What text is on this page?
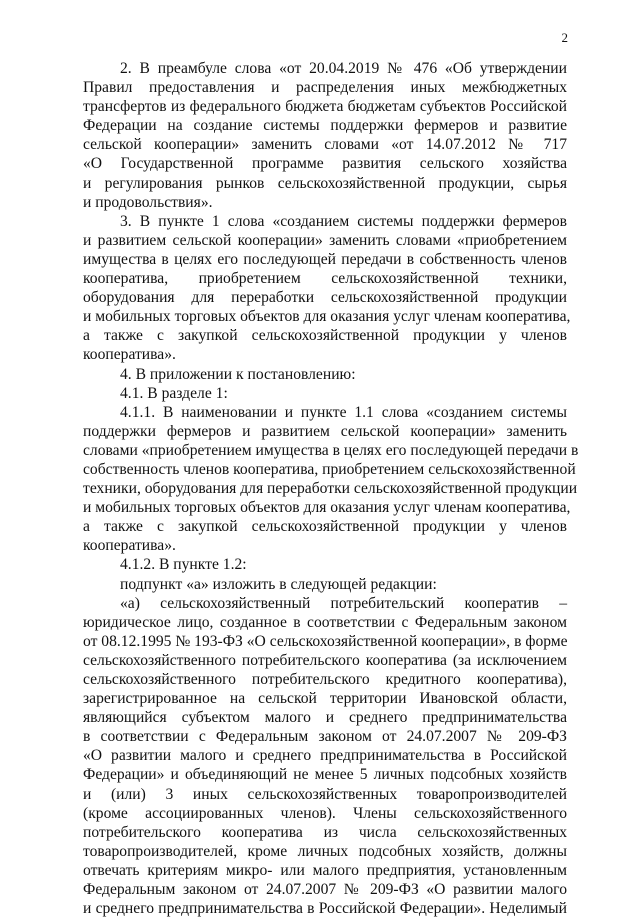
2
2. В преамбуле слова «от 20.04.2019 № 476 «Об утверждении
Правил предоставления и распределения иных межбюджетных
трансфертов из федерального бюджета бюджетам субъектов Российской
Федерации на создание системы поддержки фермеров и развитие
сельской кооперации» заменить словами «от 14.07.2012 № 717
«О Государственной программе развития сельского хозяйства
и регулирования рынков сельскохозяйственной продукции, сырья
и продовольствия».
3. В пункте 1 слова «созданием системы поддержки фермеров
и развитием сельской кооперации» заменить словами «приобретением
имущества в целях его последующей передачи в собственность членов
кооператива, приобретением сельскохозяйственной техники,
оборудования для переработки сельскохозяйственной продукции
и мобильных торговых объектов для оказания услуг членам кооператива,
а также с закупкой сельскохозяйственной продукции у членов
кооператива».
4. В приложении к постановлению:
4.1. В разделе 1:
4.1.1. В наименовании и пункте 1.1 слова «созданием системы
поддержки фермеров и развитием сельской кооперации» заменить
словами «приобретением имущества в целях его последующей передачи в
собственность членов кооператива, приобретением сельскохозяйственной
техники, оборудования для переработки сельскохозяйственной продукции
и мобильных торговых объектов для оказания услуг членам кооператива,
а также с закупкой сельскохозяйственной продукции у членов
кооператива».
4.1.2. В пункте 1.2:
подпункт «а» изложить в следующей редакции:
«а) сельскохозяйственный потребительский кооператив –
юридическое лицо, созданное в соответствии с Федеральным законом
от 08.12.1995 № 193-ФЗ «О сельскохозяйственной кооперации», в форме
сельскохозяйственного потребительского кооператива (за исключением
сельскохозяйственного потребительского кредитного кооператива),
зарегистрированное на сельской территории Ивановской области,
являющийся субъектом малого и среднего предпринимательства
в соответствии с Федеральным законом от 24.07.2007 № 209-ФЗ
«О развитии малого и среднего предпринимательства в Российской
Федерации» и объединяющий не менее 5 личных подсобных хозяйств
и (или) 3 иных сельскохозяйственных товаропроизводителей
(кроме ассоциированных членов). Члены сельскохозяйственного
потребительского кооператива из числа сельскохозяйственных
товаропроизводителей, кроме личных подсобных хозяйств, должны
отвечать критериям микро- или малого предприятия, установленным
Федеральным законом от 24.07.2007 № 209-ФЗ «О развитии малого
и среднего предпринимательства в Российской Федерации». Неделимый
